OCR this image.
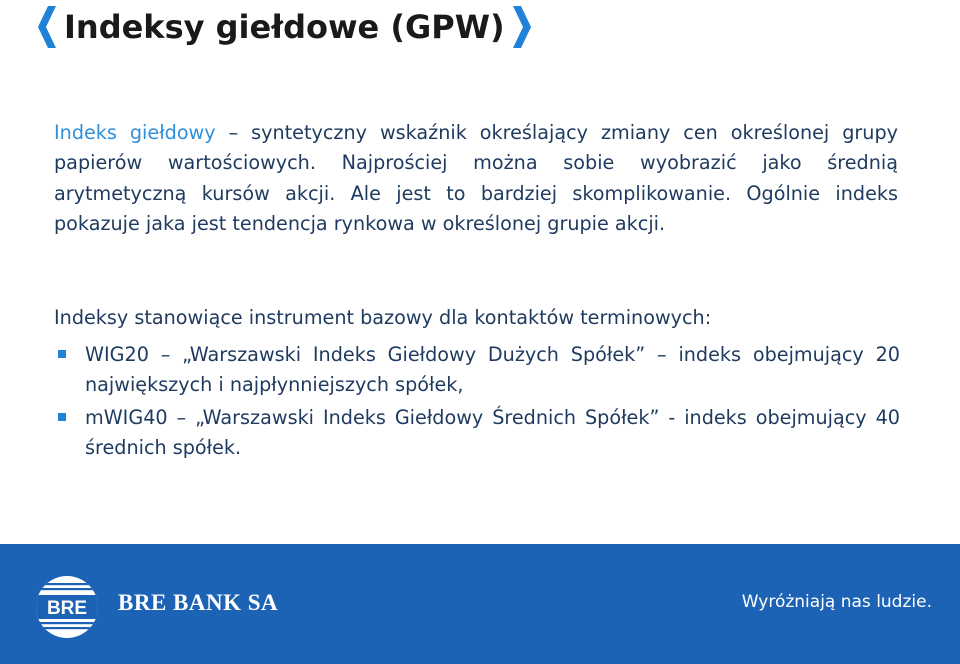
Indeksy giełdowe (GPW)

Indeks giełdowy – syntetyczny wskaźnik określający zmiany cen określonej grupy papierów wartościowych. Najprościej można sobie wyobrazić jako średnią arytmetyczną kursów akcji. Ale jest to bardziej skomplikowanie. Ogólnie indeks pokazuje jaka jest tendencja rynkowa w określonej grupie akcji.

Indeksy stanowiące instrument bazowy dla kontaktów terminowych:

WIG20 – „Warszawski Indeks Giełdowy Dużych Spółek” – indeks obejmujący 20 największych i najpłynniejszych spółek,
mWIG40 – „Warszawski Indeks Giełdowy Średnich Spółek” - indeks obejmujący 40 średnich spółek.
BRE BRE BANK SA	Wyróżniają nas ludzie.
